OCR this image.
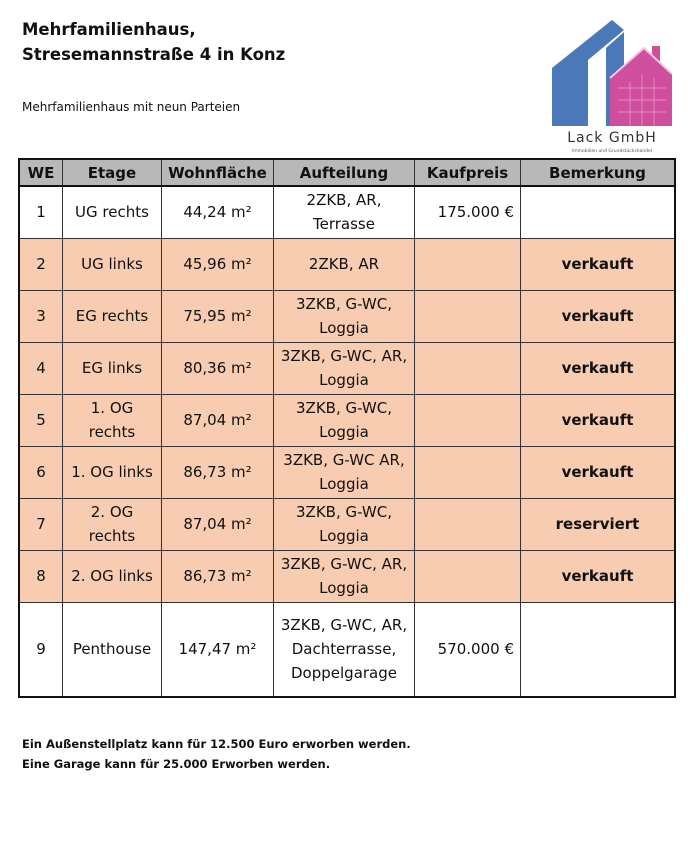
Mehrfamilienhaus,
Stresemannstraße 4 in Konz

Mehrfamilienhaus mit neun Parteien

Lack GmbH
Immobilien und Grundstückshandel
WE	Etage	Wohnfläche	Aufteilung	Kaufpreis	Bemerkung
1	UG rechts	44,24 m²	2ZKB, AR, Terrasse	175.000 €	
2	UG links	45,96 m²	2ZKB, AR		verkauft
3	EG rechts	75,95 m²	3ZKB, G-WC, Loggia		verkauft
4	EG links	80,36 m²	3ZKB, G-WC, AR, Loggia		verkauft
5	1. OG rechts	87,04 m²	3ZKB, G-WC, Loggia		verkauft
6	1. OG links	86,73 m²	3ZKB, G-WC AR, Loggia		verkauft
7	2. OG rechts	87,04 m²	3ZKB, G-WC, Loggia		reserviert
8	2. OG links	86,73 m²	3ZKB, G-WC, AR, Loggia		verkauft
9	Penthouse	147,47 m²	3ZKB, G-WC, AR, Dachterrasse, Doppelgarage	570.000 €	
Ein Außenstellplatz kann für 12.500 Euro erworben werden.
Eine Garage kann für 25.000 Erworben werden.
